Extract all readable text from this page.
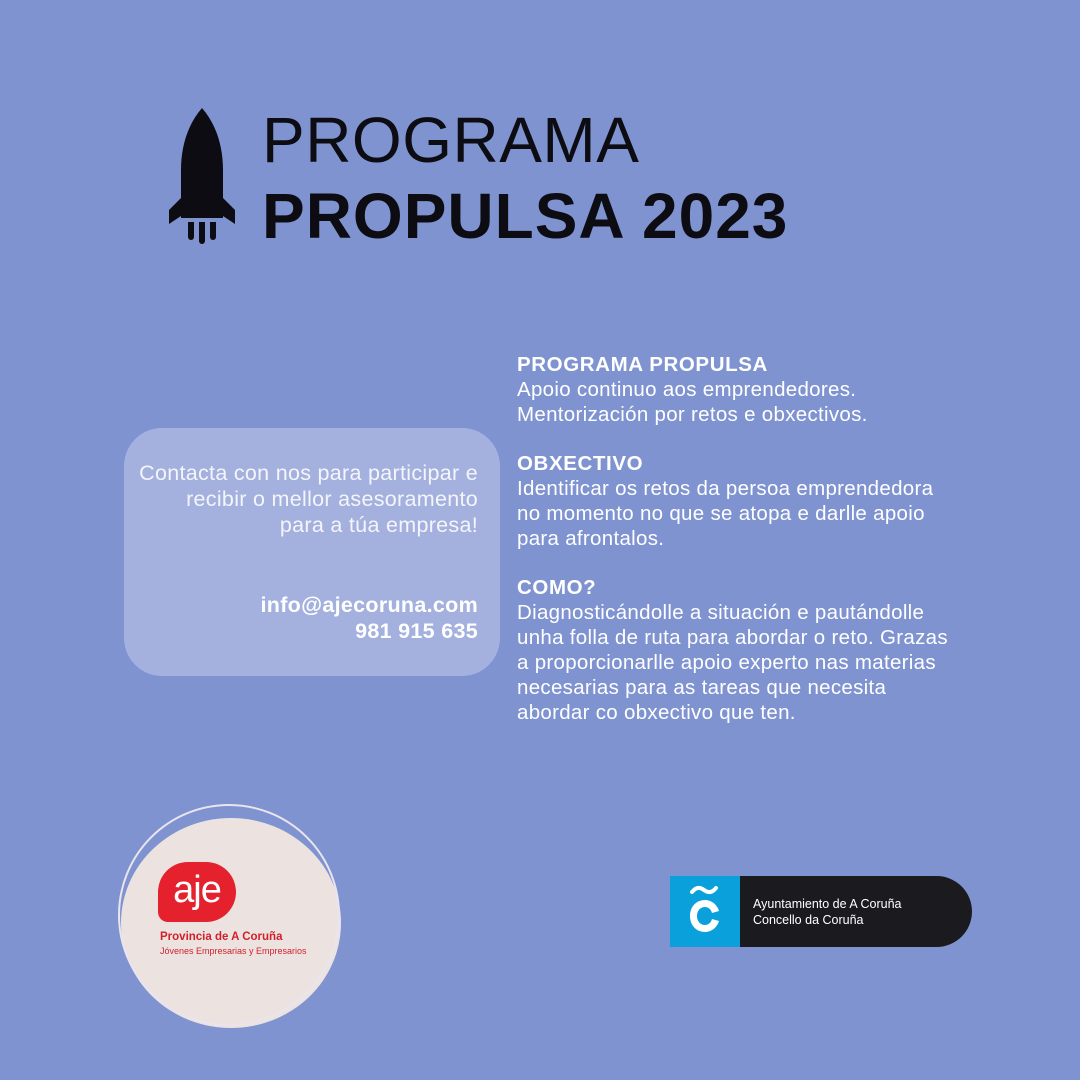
PROGRAMA
PROPULSA 2023
Contacta con nos para participar e recibir o mellor asesoramento para a túa empresa!
info@ajecoruna.com
981 915 635
PROGRAMA PROPULSA

Apoio continuo aos emprendedores. Mentorización por retos e obxectivos.

OBXECTIVO

Identificar os retos da persoa emprendedora no momento no que se atopa e darlle apoio para afrontalos.

COMO?

Diagnosticándolle a situación e pautándolle unha folla de ruta para abordar o reto. Grazas a proporcionarlle apoio experto nas materias necesarias para as tareas que necesita abordar co obxectivo que ten.

aje
Provincia de A Coruña
Jóvenes Empresarias y Empresarios
Ayuntamiento de A Coruña
Concello da Coruña
